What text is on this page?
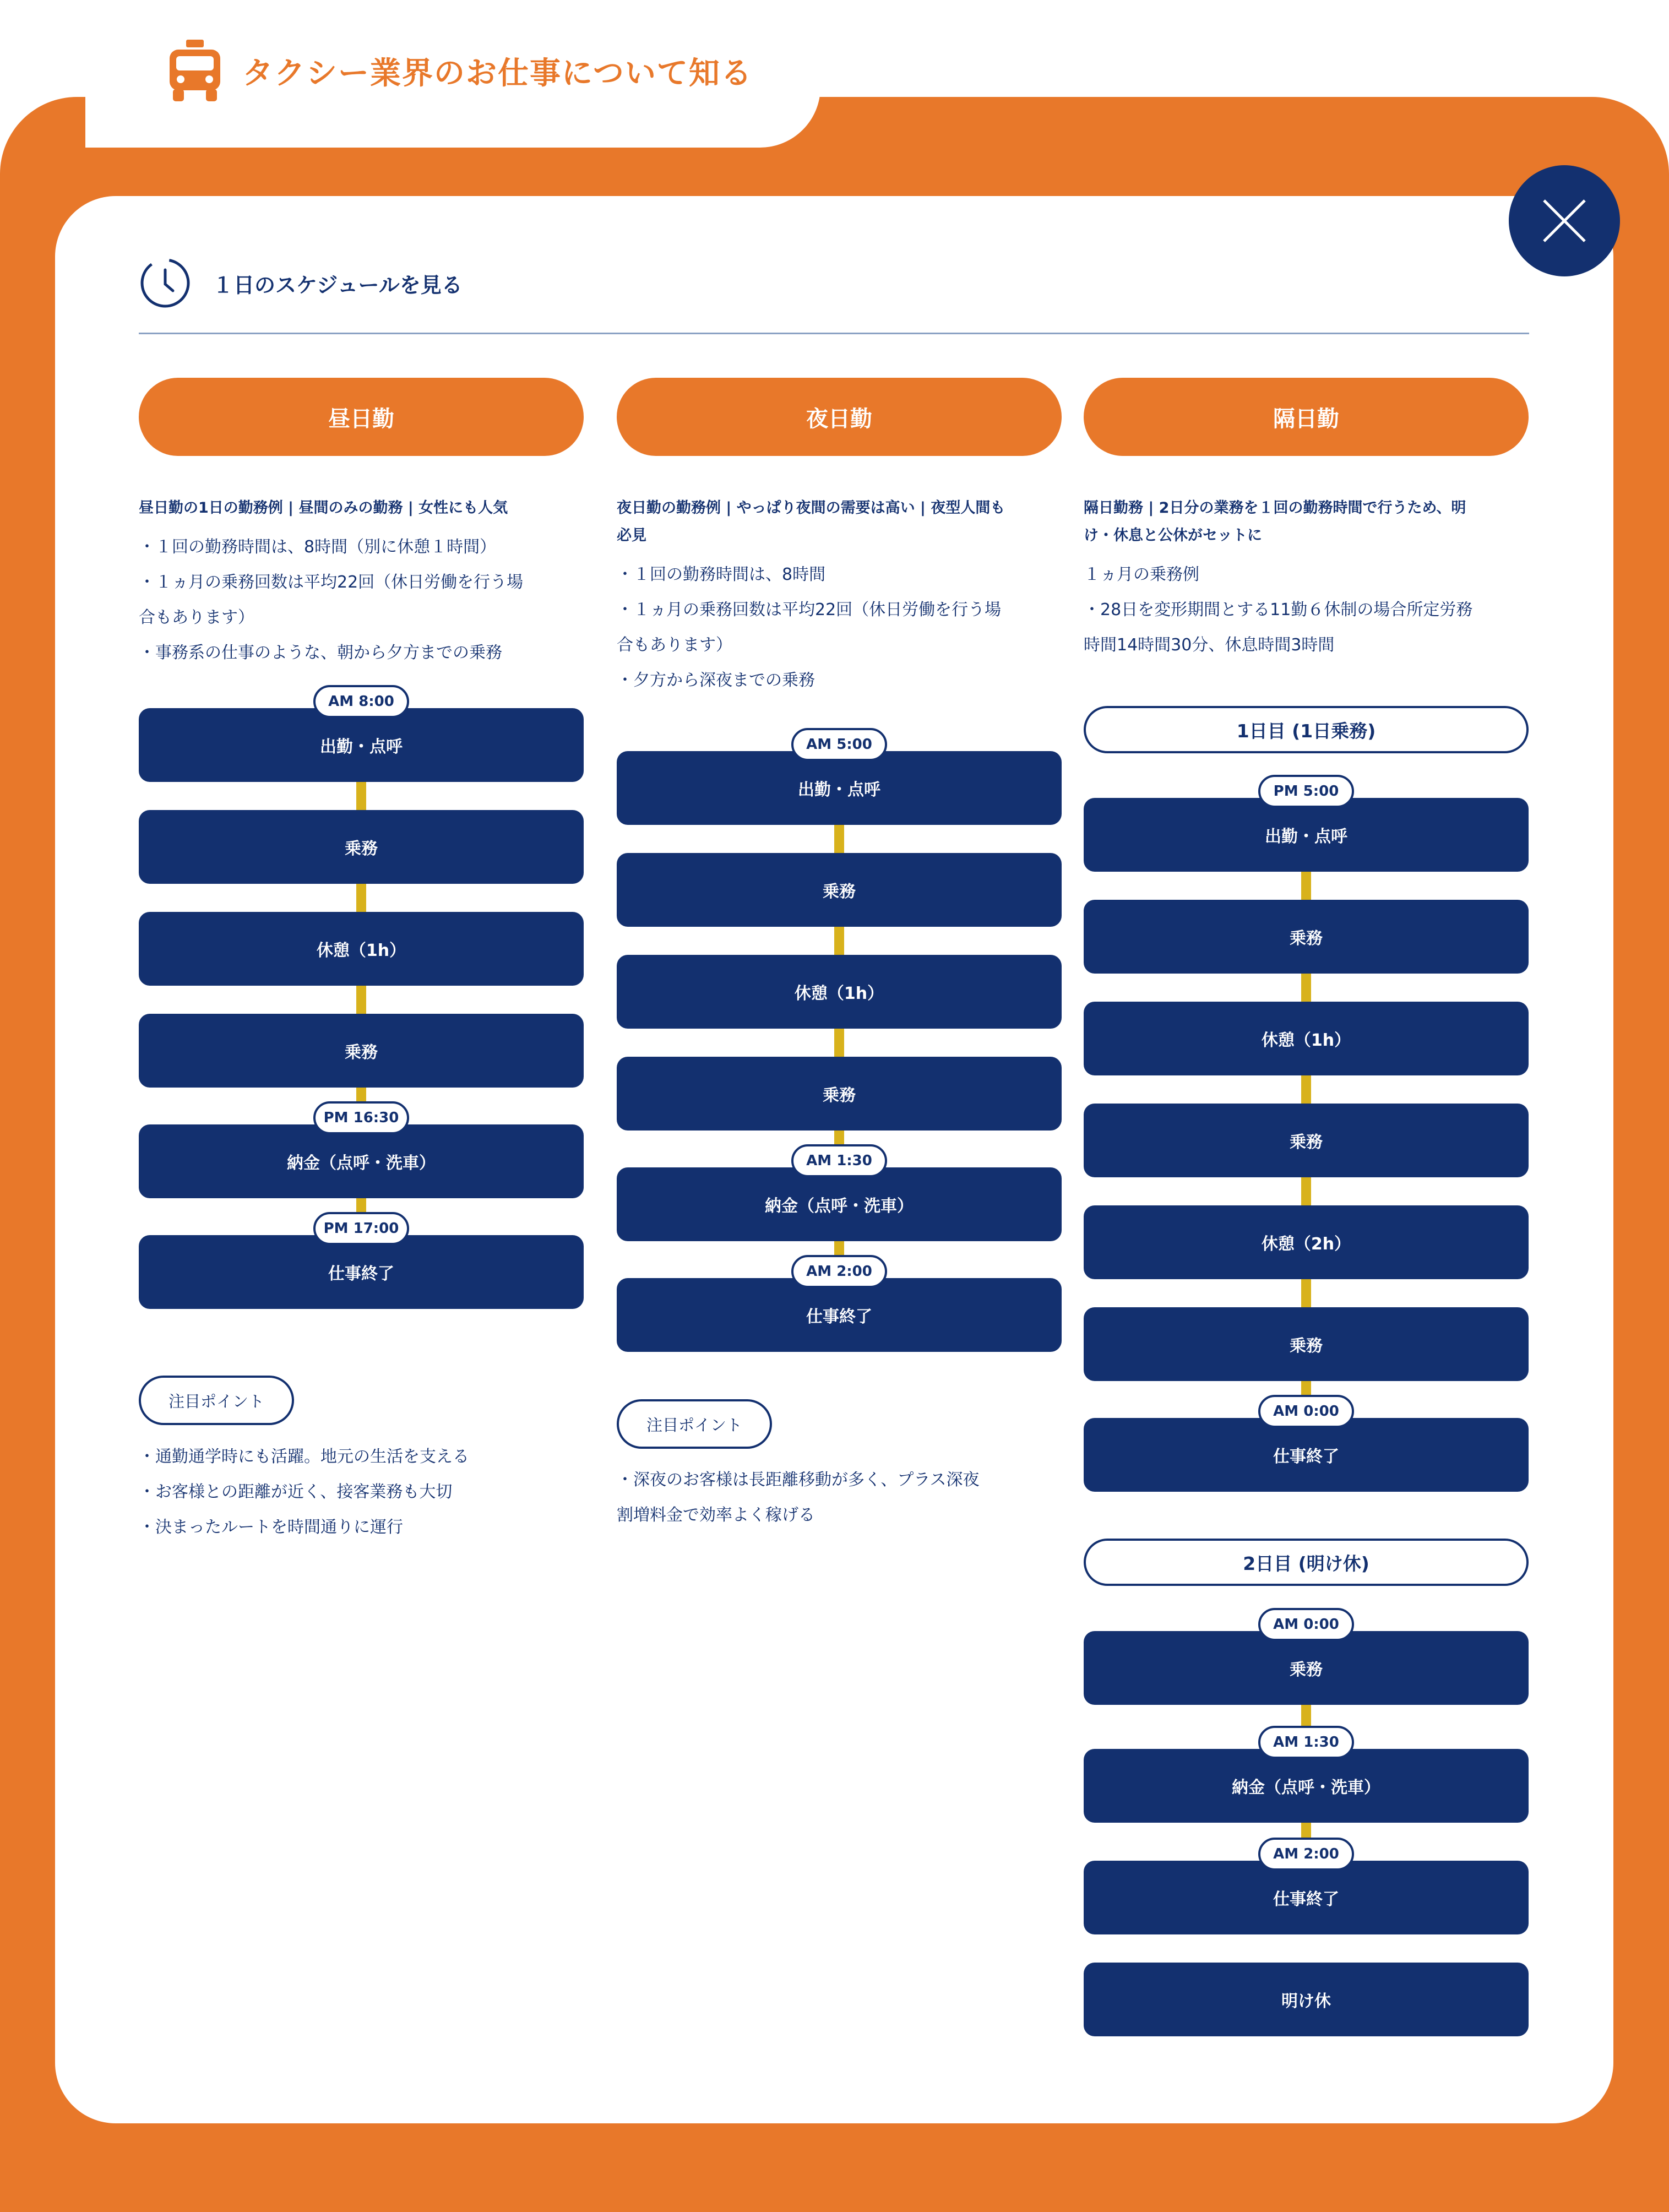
タクシー業界のお仕事について知る
１日のスケジュールを見る
昼日勤
昼日勤の1日の勤務例 | 昼間のみの勤務 | 女性にも人気
・１回の勤務時間は、8時間（別に休憩１時間）
・１ヵ月の乗務回数は平均22回（休日労働を行う場
合もあります）
・事務系の仕事のような、朝から夕方までの乗務
出勤・点呼
乗務
休憩（1h）
乗務
納金（点呼・洗車）
仕事終了
AM 8:00
PM 16:30
PM 17:00
注目ポイント
・通勤通学時にも活躍。地元の生活を支える
・お客様との距離が近く、接客業務も大切
・決まったルートを時間通りに運行
夜日勤
夜日勤の勤務例 | やっぱり夜間の需要は高い | 夜型人間も
必見
・１回の勤務時間は、8時間
・１ヵ月の乗務回数は平均22回（休日労働を行う場
合もあります）
・夕方から深夜までの乗務
出勤・点呼
乗務
休憩（1h）
乗務
納金（点呼・洗車）
仕事終了
AM 5:00
AM 1:30
AM 2:00
注目ポイント
・深夜のお客様は長距離移動が多く、プラス深夜
割増料金で効率よく稼げる
隔日勤
隔日勤務 | 2日分の業務を１回の勤務時間で行うため、明
け・休息と公休がセットに
１ヵ月の乗務例
・28日を変形期間とする11勤６休制の場合所定労務
時間14時間30分、休息時間3時間
1日目 (1日乗務)
出勤・点呼
乗務
休憩（1h）
乗務
休憩（2h）
乗務
仕事終了
PM 5:00
AM 0:00
2日目 (明け休)
乗務
納金（点呼・洗車）
仕事終了
明け休
AM 0:00
AM 1:30
AM 2:00
